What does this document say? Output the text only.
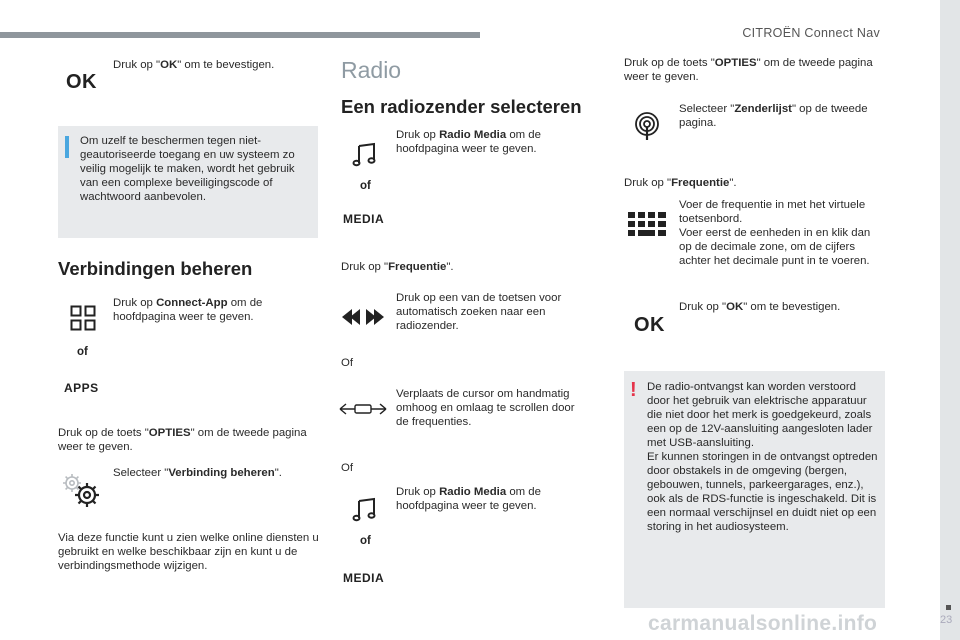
CITROËN Connect Nav
23
OK
Druk op "OK" om te bevestigen.
Om uzelf te beschermen tegen niet-geautoriseerde toegang en uw systeem zo veilig mogelijk te maken, wordt het gebruik van een complexe beveiligingscode of wachtwoord aanbevolen.
Verbindingen beheren
Druk op Connect-App om de hoofdpagina weer te geven.
of
APPS
Druk op de toets "OPTIES" om de tweede pagina weer te geven.
Selecteer "Verbinding beheren".
Via deze functie kunt u zien welke online diensten u gebruikt en welke beschikbaar zijn en kunt u de verbindingsmethode wijzigen.
Radio
Een radiozender selecteren
Druk op Radio Media om de hoofdpagina weer te geven.
of
MEDIA
Druk op "Frequentie".
Druk op een van de toetsen voor automatisch zoeken naar een radiozender.
Of
Verplaats de cursor om handmatig omhoog en omlaag te scrollen door de frequenties.
Of
Druk op Radio Media om de hoofdpagina weer te geven.
of
MEDIA
Druk op de toets "OPTIES" om de tweede pagina weer te geven.
Selecteer "Zenderlijst" op de tweede pagina.
Druk op "Frequentie".
Voer de frequentie in met het virtuele toetsenbord.
Voer eerst de eenheden in en klik dan op de decimale zone, om de cijfers achter het decimale punt in te voeren.
OK
Druk op "OK" om te bevestigen.
! De radio-ontvangst kan worden verstoord door het gebruik van elektrische apparatuur die niet door het merk is goedgekeurd, zoals een op de 12V-aansluiting aangesloten lader met USB-aansluiting.
Er kunnen storingen in de ontvangst optreden door obstakels in de omgeving (bergen, gebouwen, tunnels, parkeergarages, enz.), ook als de RDS-functie is ingeschakeld. Dit is een normaal verschijnsel en duidt niet op een storing in het audiosysteem.
carmanualsonline.info
